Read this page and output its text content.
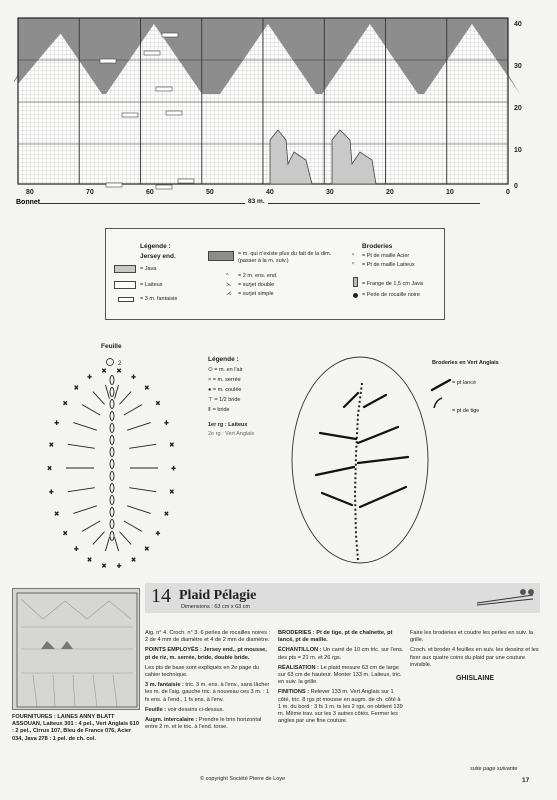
40
30
20
10
0
80	70	60	50	40	30	20	10	0
Bonnet	83 m.
Légende :
Jersey end.
= Java
= Laiteux
= 3 m. fantaisie
= m. qui n'existe plus du fait de la dim. (passer à la m. suiv.)
^ = 2 m. ens. end.
⋋ = surjet double
⋌ = surjet simple
Broderies
ⱽ = Pt de maille Acier
ⱽ = Pt de maille Laiteux
= Frange de 1,5 cm Java
= Perle de rocaille noire
Feuille
+
×
×
+
×
×
+
×
×
+
×
×
+
×
×
+
×
×
+
× ×
+
×
×
+
×
2
Légende :
⬭ = m. en l'air
× = m. serrée
● = m. coulée
⊤ = 1/2 bride
⫪ = bride
1er rg : Laiteux
2e rg : Vert Anglais
Broderies en Vert Anglais
= pt lancé
= pt de tige
14 Plaid Pélagie
Dimensions : 63 cm x 63 cm

FOURNITURES : LAINES ANNY BLATT ASSOUAN, Laiteux 301 : 4 pel., Vert Anglais 610 : 2 pel., Cirrus 107, Bleu de France 076, Acier 034, Java 278 : 1 pel. de ch. col.

Aig. n° 4. Croch. n° 3. 6 perles de rocailles noires : 2 de 4 mm de diamètre et 4 de 2 mm de diamètre.

POINTS EMPLOYÉS : Jersey end., pt mousse, pt de riz, m. serrée, bride, double bride.

Les pts de base sont expliqués en 2e page du cahier technique.

3 m. fantaisie : tric. 3 m. ens. à l'env., sans lâcher les m. de l'aig. gauche tric. à nouveau ces 3 m. : 1 fs ens. à l'end., 1 fs ens. à l'env.

Feuille : voir dessins ci-dessus.

Augm. intercalaire : Prendre le brin horizontal entre 2 m. et le tric. à l'end. torse.

BRODERIES : Pt de tige, pt de chaînette, pt lancé, pt de maille.

ÉCHANTILLON : Un carré de 10 cm tric. sur l'ens. des pts = 21 m. et 26 rgs.

RÉALISATION : Le plaid mesure 63 cm de large sur 63 cm de hauteur. Monter 133 m. Laiteux, tric. en suiv. la grille.

FINITIONS : Relever 133 m. Vert Anglais sur 1 côté, tric. 8 rgs pt mousse en augm. de ch. côté à 1 m. du bord : 3 fs 1 m. ts les 2 rgs, on obtient 139 m. Même trav. sur les 3 autres côtés. Fermer les angles par une fine couture.

Faire les broderies et coudre les perles en suiv. la grille.

Croch. et broder 4 feuilles en suiv. les dessins et les fixer aux quatre coins du plaid par une couture invisible.

GHISLAINE

© copyright Société Pierre de Loye
suite page suivante
17
